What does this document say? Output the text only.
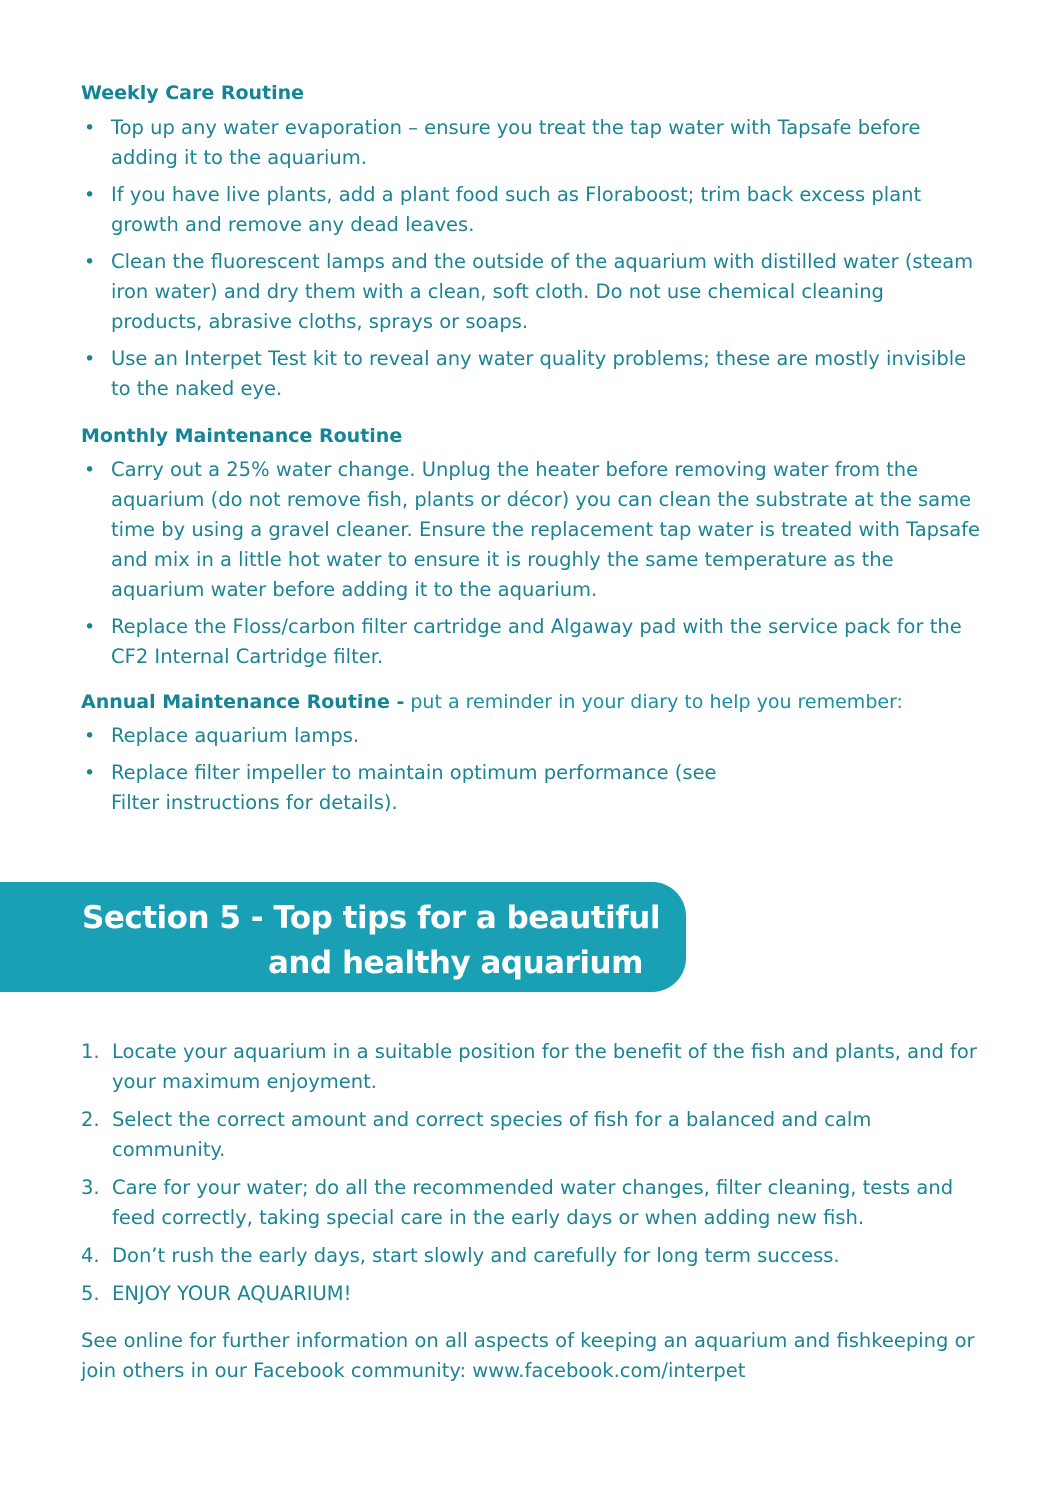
Weekly Care Routine
• Top up any water evaporation – ensure you treat the tap water with Tapsafe before adding it to the aquarium.
• If you have live plants, add a plant food such as Floraboost; trim back excess plant growth and remove any dead leaves.
• Clean the fluorescent lamps and the outside of the aquarium with distilled water (steam iron water) and dry them with a clean, soft cloth. Do not use chemical cleaning products, abrasive cloths, sprays or soaps.
• Use an Interpet Test kit to reveal any water quality problems; these are mostly invisible to the naked eye.
Monthly Maintenance Routine
• Carry out a 25% water change. Unplug the heater before removing water from the aquarium (do not remove fish, plants or décor) you can clean the substrate at the same time by using a gravel cleaner. Ensure the replacement tap water is treated with Tapsafe and mix in a little hot water to ensure it is roughly the same temperature as the aquarium water before adding it to the aquarium.
• Replace the Floss/carbon filter cartridge and Algaway pad with the service pack for the CF2 Internal Cartridge filter.
Annual Maintenance Routine - put a reminder in your diary to help you remember:
• Replace aquarium lamps.
• Replace filter impeller to maintain optimum performance (see Filter instructions for details).
Section 5 - Top tips for a beautiful
and healthy aquarium
1. Locate your aquarium in a suitable position for the benefit of the fish and plants, and for your maximum enjoyment.
2. Select the correct amount and correct species of fish for a balanced and calm community.
3. Care for your water; do all the recommended water changes, filter cleaning, tests and feed correctly, taking special care in the early days or when adding new fish.
4. Don’t rush the early days, start slowly and carefully for long term success.
5. ENJOY YOUR AQUARIUM!
See online for further information on all aspects of keeping an aquarium and fishkeeping or join others in our Facebook community: www.facebook.com/interpet
